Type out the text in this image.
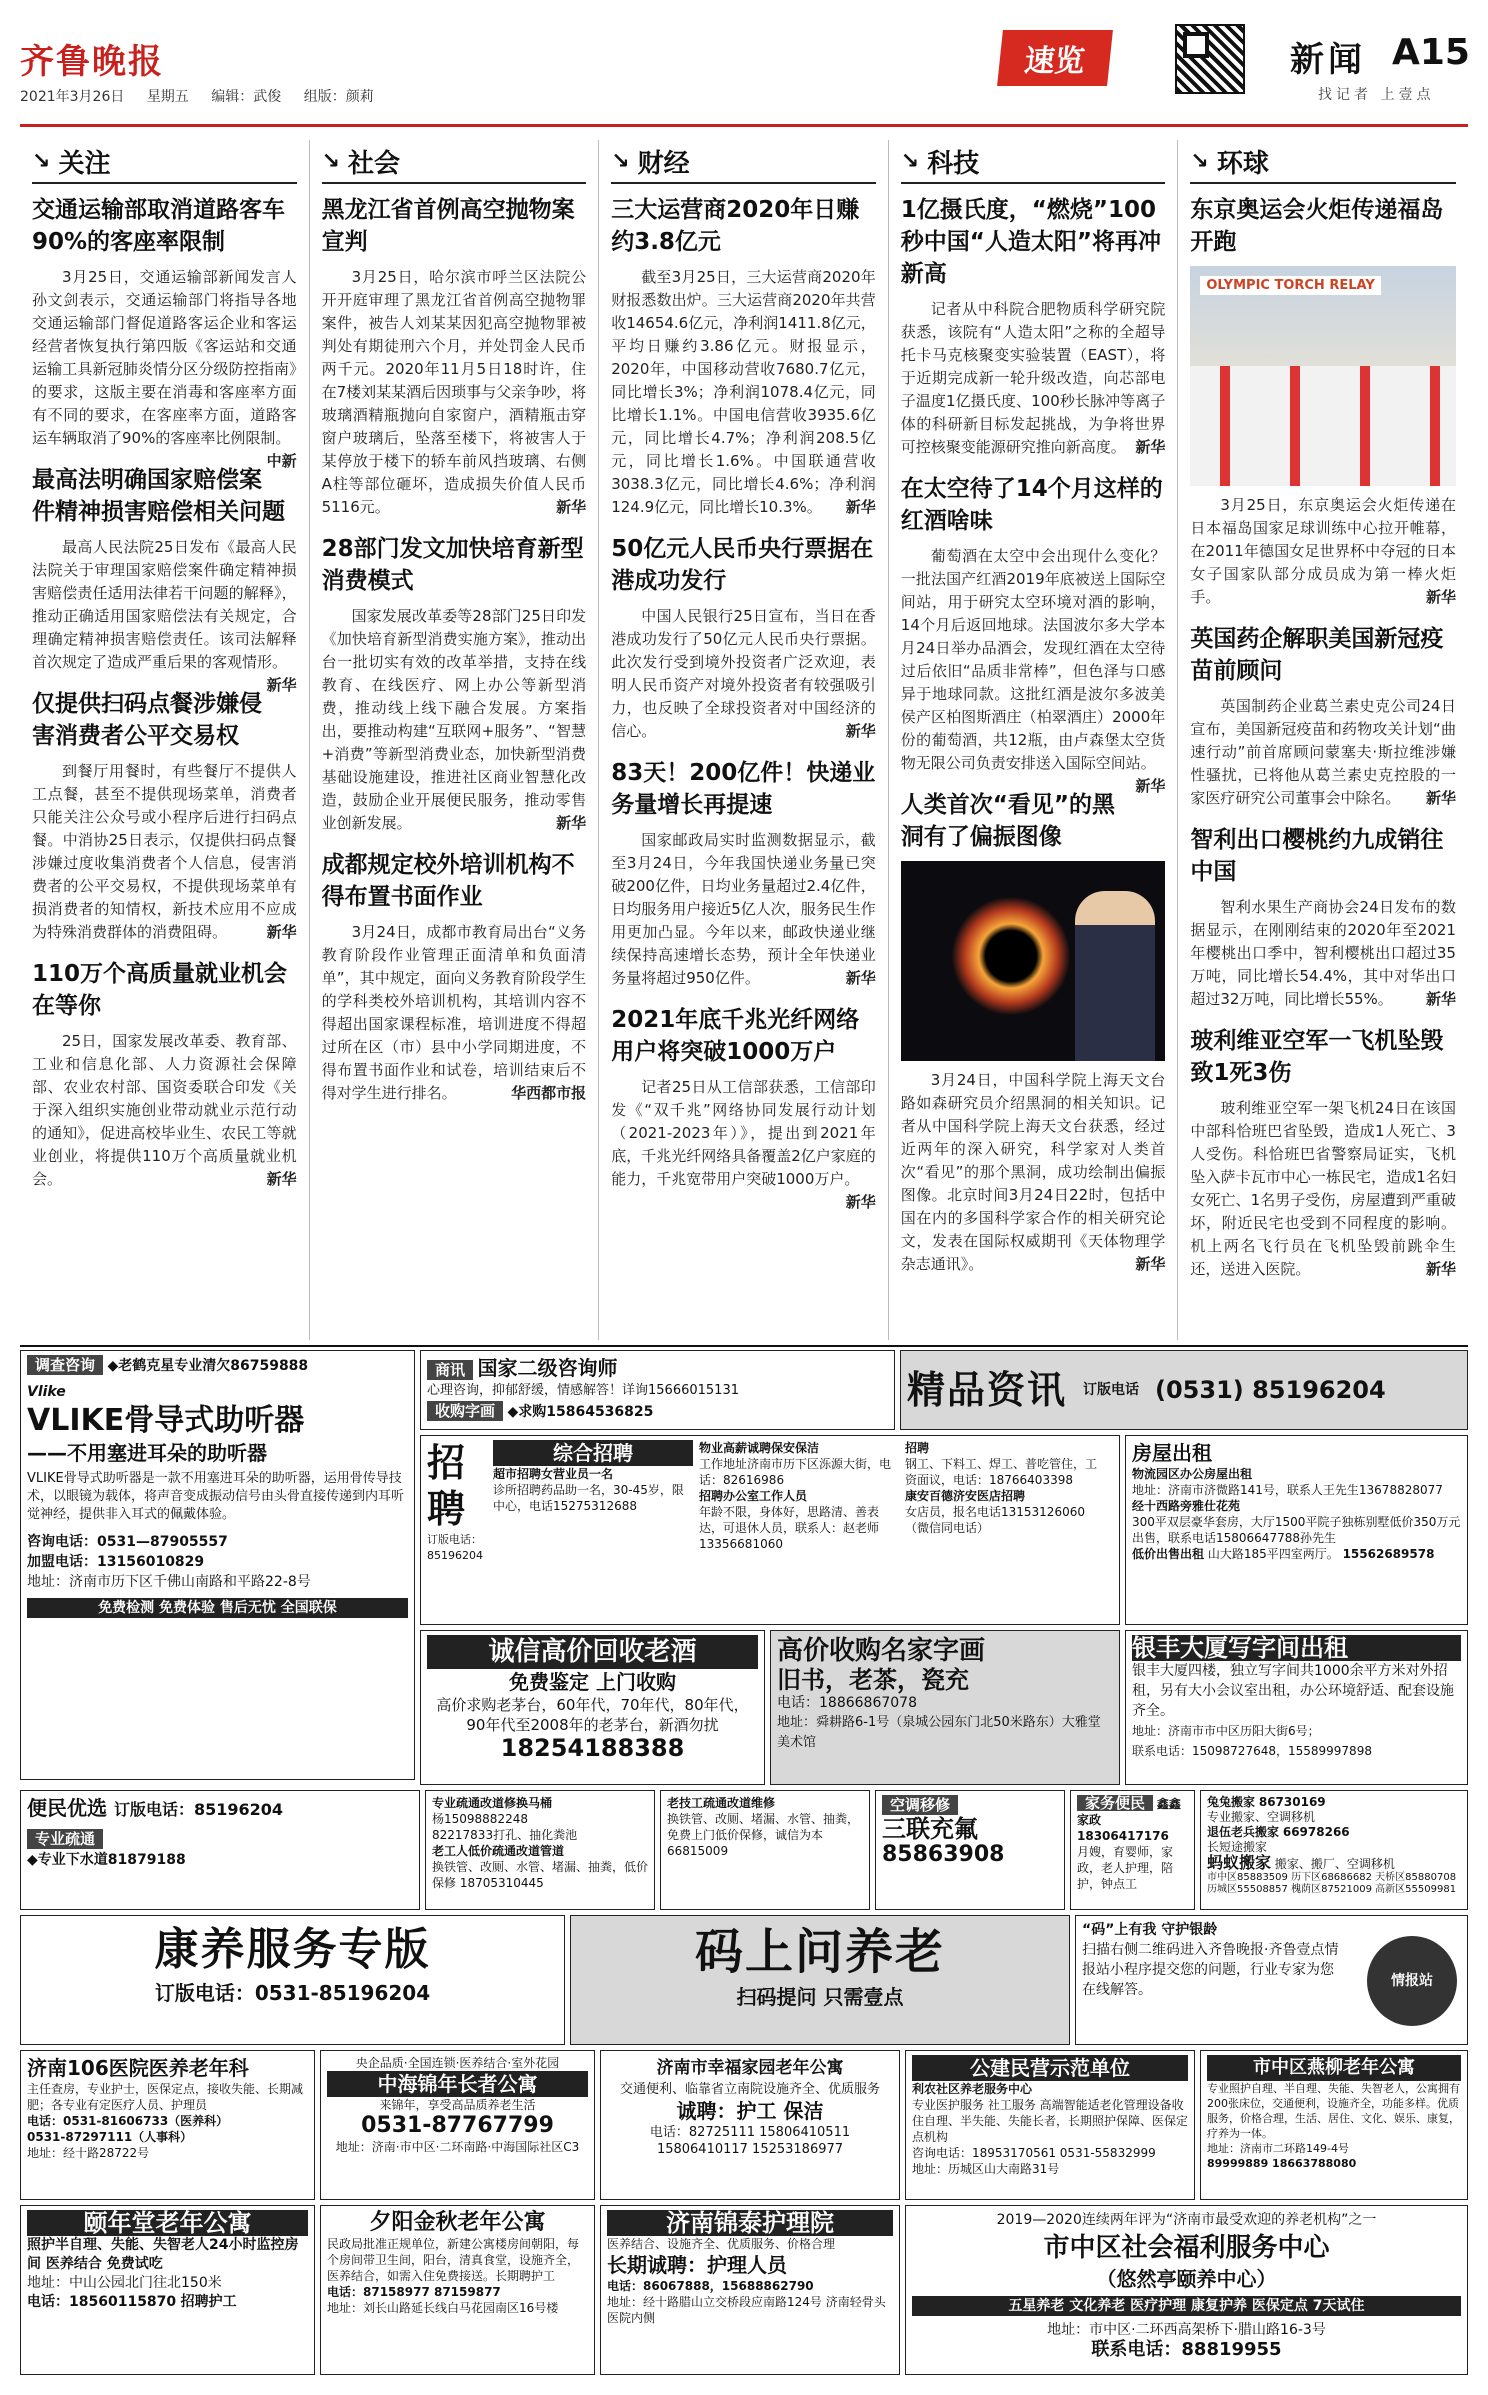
齐鲁晚报
2021年3月26日 星期五 编辑：武俊 组版：颜莉
速览	新闻 A15
找记者 上壹点
↘ 关注
交通运输部取消道路客车90%的客座率限制
3月25日，交通运输部新闻发言人孙文剑表示，交通运输部门将指导各地交通运输部门督促道路客运企业和客运经营者恢复执行第四版《客运站和交通运输工具新冠肺炎情分区分级防控指南》的要求，这版主要在消毒和客座率方面有不同的要求，在客座率方面，道路客运车辆取消了90%的客座率比例限制。
中新
最高法明确国家赔偿案件精神损害赔偿相关问题
最高人民法院25日发布《最高人民法院关于审理国家赔偿案件确定精神损害赔偿责任适用法律若干问题的解释》，推动正确适用国家赔偿法有关规定，合理确定精神损害赔偿责任。该司法解释首次规定了造成严重后果的客观情形。
新华
仅提供扫码点餐涉嫌侵害消费者公平交易权
到餐厅用餐时，有些餐厅不提供人工点餐，甚至不提供现场菜单，消费者只能关注公众号或小程序后进行扫码点餐。中消协25日表示，仅提供扫码点餐涉嫌过度收集消费者个人信息，侵害消费者的公平交易权，不提供现场菜单有损消费者的知情权，新技术应用不应成为特殊消费群体的消费阻碍。	新华
110万个高质量就业机会在等你
25日，国家发展改革委、教育部、工业和信息化部、人力资源社会保障部、农业农村部、国资委联合印发《关于深入组织实施创业带动就业示范行动的通知》，促进高校毕业生、农民工等就业创业，将提供110万个高质量就业机会。	新华
↘ 社会
黑龙江省首例高空抛物案宣判
3月25日，哈尔滨市呼兰区法院公开开庭审理了黑龙江省首例高空抛物罪案件，被告人刘某某因犯高空抛物罪被判处有期徒刑六个月，并处罚金人民币两千元。2020年11月5日18时许，住在7楼刘某某酒后因琐事与父亲争吵，将玻璃酒精瓶抛向自家窗户，酒精瓶击穿窗户玻璃后，坠落至楼下，将被害人于某停放于楼下的轿车前风挡玻璃、右侧A柱等部位砸坏，造成损失价值人民币5116元。	新华
28部门发文加快培育新型消费模式
国家发展改革委等28部门25日印发《加快培育新型消费实施方案》，推动出台一批切实有效的改革举措，支持在线教育、在线医疗、网上办公等新型消费，推动线上线下融合发展。方案指出，要推动构建“互联网+服务”、“智慧+消费”等新型消费业态，加快新型消费基础设施建设，推进社区商业智慧化改造，鼓励企业开展便民服务，推动零售业创新发展。	新华
成都规定校外培训机构不得布置书面作业
3月24日，成都市教育局出台“义务教育阶段作业管理正面清单和负面清单”，其中规定，面向义务教育阶段学生的学科类校外培训机构，其培训内容不得超出国家课程标准，培训进度不得超过所在区（市）县中小学同期进度，不得布置书面作业和试卷，培训结束后不得对学生进行排名。	华西都市报
↘ 财经
三大运营商2020年日赚约3.8亿元
截至3月25日，三大运营商2020年财报悉数出炉。三大运营商2020年共营收14654.6亿元，净利润1411.8亿元，平均日赚约3.86亿元。财报显示，2020年，中国移动营收7680.7亿元，同比增长3%；净利润1078.4亿元，同比增长1.1%。中国电信营收3935.6亿元，同比增长4.7%；净利润208.5亿元，同比增长1.6%。中国联通营收3038.3亿元，同比增长4.6%；净利润124.9亿元，同比增长10.3%。 新华
50亿元人民币央行票据在港成功发行
中国人民银行25日宣布，当日在香港成功发行了50亿元人民币央行票据。此次发行受到境外投资者广泛欢迎，表明人民币资产对境外投资者有较强吸引力，也反映了全球投资者对中国经济的信心。	新华
83天！200亿件！快递业务量增长再提速
国家邮政局实时监测数据显示，截至3月24日，今年我国快递业务量已突破200亿件，日均业务量超过2.4亿件，日均服务用户接近5亿人次，服务民生作用更加凸显。今年以来，邮政快递业继续保持高速增长态势，预计全年快递业务量将超过950亿件。	新华
2021年底千兆光纤网络用户将突破1000万户
记者25日从工信部获悉，工信部印发《“双千兆”网络协同发展行动计划（2021-2023年）》，提出到2021年底，千兆光纤网络具备覆盖2亿户家庭的能力，千兆宽带用户突破1000万户。
新华
↘ 科技
1亿摄氏度，“燃烧”100秒中国“人造太阳”将再冲新高
记者从中科院合肥物质科学研究院获悉，该院有“人造太阳”之称的全超导托卡马克核聚变实验装置（EAST），将于近期完成新一轮升级改造，向芯部电子温度1亿摄氏度、100秒长脉冲等离子体的科研新目标发起挑战，为争将世界可控核聚变能源研究推向新高度。 新华
在太空待了14个月这样的红酒啥味
葡萄酒在太空中会出现什么变化？一批法国产红酒2019年底被送上国际空间站，用于研究太空环境对酒的影响，14个月后返回地球。法国波尔多大学本月24日举办品酒会，发现红酒在太空待过后依旧“品质非常棒”，但色泽与口感异于地球同款。这批红酒是波尔多波美侯产区柏图斯酒庄（柏翠酒庄）2000年份的葡萄酒，共12瓶，由卢森堡太空货物无限公司负责安排送入国际空间站。
新华
人类首次“看见”的黑洞有了偏振图像
3月24日，中国科学院上海天文台路如森研究员介绍黑洞的相关知识。记者从中国科学院上海天文台获悉，经过近两年的深入研究，科学家对人类首次“看见”的那个黑洞，成功绘制出偏振图像。北京时间3月24日22时，包括中国在内的多国科学家合作的相关研究论文，发表在国际权威期刊《天体物理学杂志通讯》。	新华
↘ 环球
东京奥运会火炬传递福岛开跑
OLYMPIC TORCH RELAY
3月25日，东京奥运会火炬传递在日本福岛国家足球训练中心拉开帷幕，在2011年德国女足世界杯中夺冠的日本女子国家队部分成员成为第一棒火炬手。	新华
英国药企解职美国新冠疫苗前顾问
英国制药企业葛兰素史克公司24日宣布，美国新冠疫苗和药物攻关计划“曲速行动”前首席顾问蒙塞夫·斯拉维涉嫌性骚扰，已将他从葛兰素史克控股的一家医疗研究公司董事会中除名。 新华
智利出口樱桃约九成销往中国
智利水果生产商协会24日发布的数据显示，在刚刚结束的2020年至2021年樱桃出口季中，智利樱桃出口超过35万吨，同比增长54.4%，其中对华出口超过32万吨，同比增长55%。 新华
玻利维亚空军一飞机坠毁致1死3伤
玻利维亚空军一架飞机24日在该国中部科恰班巴省坠毁，造成1人死亡、3人受伤。科恰班巴省警察局证实，飞机坠入萨卡瓦市中心一栋民宅，造成1名妇女死亡、1名男子受伤，房屋遭到严重破坏，附近民宅也受到不同程度的影响。机上两名飞行员在飞机坠毁前跳伞生还，送进入医院。	新华
调查咨询 ◆老鹤克星专业清欠86759888
Vlike
VLIKE骨导式助听器
——不用塞进耳朵的助听器
VLIKE骨导式助听器是一款不用塞进耳朵的助听器，运用骨传导技术，以眼镜为载体，将声音变成振动信号由头骨直接传递到内耳听觉神经，提供非入耳式的佩戴体验。
咨询电话：0531—87905557
加盟电话：13156010829
地址：济南市历下区千佛山南路和平路22-8号
免费检测 免费体验 售后无忧 全国联保
商讯 国家二级咨询师
心理咨询，抑郁舒缓，情感解答！详询15666015131
收购字画 ◆求购15864536825	精品资讯 订版电话 (0531) 85196204
招聘
订版电话：85196204
综合招聘
超市招聘女营业员一名
诊所招聘药品助一名，30-45岁，限中心，电话15275312688
物业高薪诚聘保安保洁
工作地址济南市历下区泺源大街，电话：82616986
招聘办公室工作人员
年龄不限，身体好，思路清、善表达，可退休人员，联系人：赵老师 13356681060
招聘
钢工、下料工、焊工、普吃管住，工资面议，电话：18766403398
康安百德济安医店招聘
女店员，报名电话13153126060（微信同电话）
房屋出租
物流园区办公房屋出租
地址：济南市济微路141号，联系人王先生13678828077
经十西路旁雅仕花苑
300平双层豪华套房，大厅1500平院子独栋别墅低价350万元出售，联系电话15806647788孙先生
低价出售出租 山大路185平四室两厅。 15562689578
诚信高价回收老酒
免费鉴定 上门收购
高价求购老茅台，60年代，70年代，80年代，90年代至2008年的老茅台，新酒勿扰
18254188388
高价收购名家字画
旧书，老茶，瓷充
电话：18866867078
地址：舜耕路6-1号（泉城公园东门北50米路东）大雅堂美术馆
银丰大厦写字间出租
银丰大厦四楼，独立写字间共1000余平方米对外招租，另有大小会议室出租，办公环境舒适、配套设施齐全。
地址：济南市市中区历阳大街6号；
联系电话：15098727648，15589997898
便民优选 订版电话：85196204
专业疏通
◆专业下水道81879188
专业疏通改道修换马桶
杨15098882248
82217833打孔、抽化粪池
老工人低价疏通改道管道
换铁管、改厕、水管、堵漏、抽粪，低价保修 18705310445
老技工疏通改道维修
换铁管、改厕、堵漏、水管、抽粪，免费上门低价保修，诚信为本 66815009
空调移修
三联充氟
85863908
家务便民 鑫鑫家政18306417176
月嫂，育婴师，家政，老人护理，陪护，钟点工
兔兔搬家 86730169
专业搬家、空调移机
退伍老兵搬家 66978266
长短途搬家
蚂蚁搬家 搬家、搬厂、空调移机
市中区85883509 历下区68686682 天桥区85880708 历城区55508857 槐荫区87521009 高新区55509981
康养服务专版
订版电话：0531-85196204
码上问养老
扫码提问 只需壹点
“码”上有我 守护银龄
扫描右侧二维码进入齐鲁晚报·齐鲁壹点情报站小程序提交您的问题，行业专家为您在线解答。
情报站
济南106医院医养老年科
主任查房，专业护士，医保定点，接收失能、长期减肥；各专业有定医疗人员、护理员
电话：0531-81606733（医养科）
0531-87297111（人事科）
地址：经十路28722号
央企品质·全国连锁·医养结合·室外花园
中海锦年长者公寓
来锦年，享受高品质养老生活
0531-87767799
地址：济南·市中区·二环南路·中海国际社区C3
济南市幸福家园老年公寓
交通便利、临靠省立南院设施齐全、优质服务
诚聘：护工 保洁
电话：82725111 15806410511 15806410117 15253186977
公建民营示范单位
利农社区养老服务中心
专业医护服务 社工服务 高端智能适老化管理设备收住自理、半失能、失能长者，长期照护保障、医保定点机构
咨询电话：18953170561 0531-55832999
地址：历城区山大南路31号
市中区燕柳老年公寓
专业照护自理、半自理、失能、失智老人，公寓拥有200张床位，交通便利，设施齐全，功能多样。优质服务，价格合理，生活、居住、文化、娱乐、康复，疗养为一体。
地址：济南市二环路149-4号
89999889 18663788080
颐年堂老年公寓
照护半自理、失能、失智老人24小时监控房间 医养结合 免费试吃
地址：中山公园北门往北150米
电话：18560115870 招聘护工
夕阳金秋老年公寓
民政局批准正规单位，新建公寓楼房间朝阳，每个房间带卫生间，阳台，清真食堂，设施齐全，医养结合，如需入住免费接送。长期聘护工
电话：87158977 87159877
地址：刘长山路延长线白马花园南区16号楼
济南锦泰护理院
医养结合、设施齐全、优质服务、价格合理
长期诚聘：护理人员
电话：86067888，15688862790
地址：经十路腊山立交桥段应南路124号 济南轻骨头医院内侧
2019—2020连续两年评为“济南市最受欢迎的养老机构”之一
市中区社会福利服务中心
（悠然亭颐养中心）
五星养老 文化养老 医疗护理 康复护养 医保定点 7天试住
地址：市中区·二环西高架桥下·腊山路16-3号
联系电话：88819955
